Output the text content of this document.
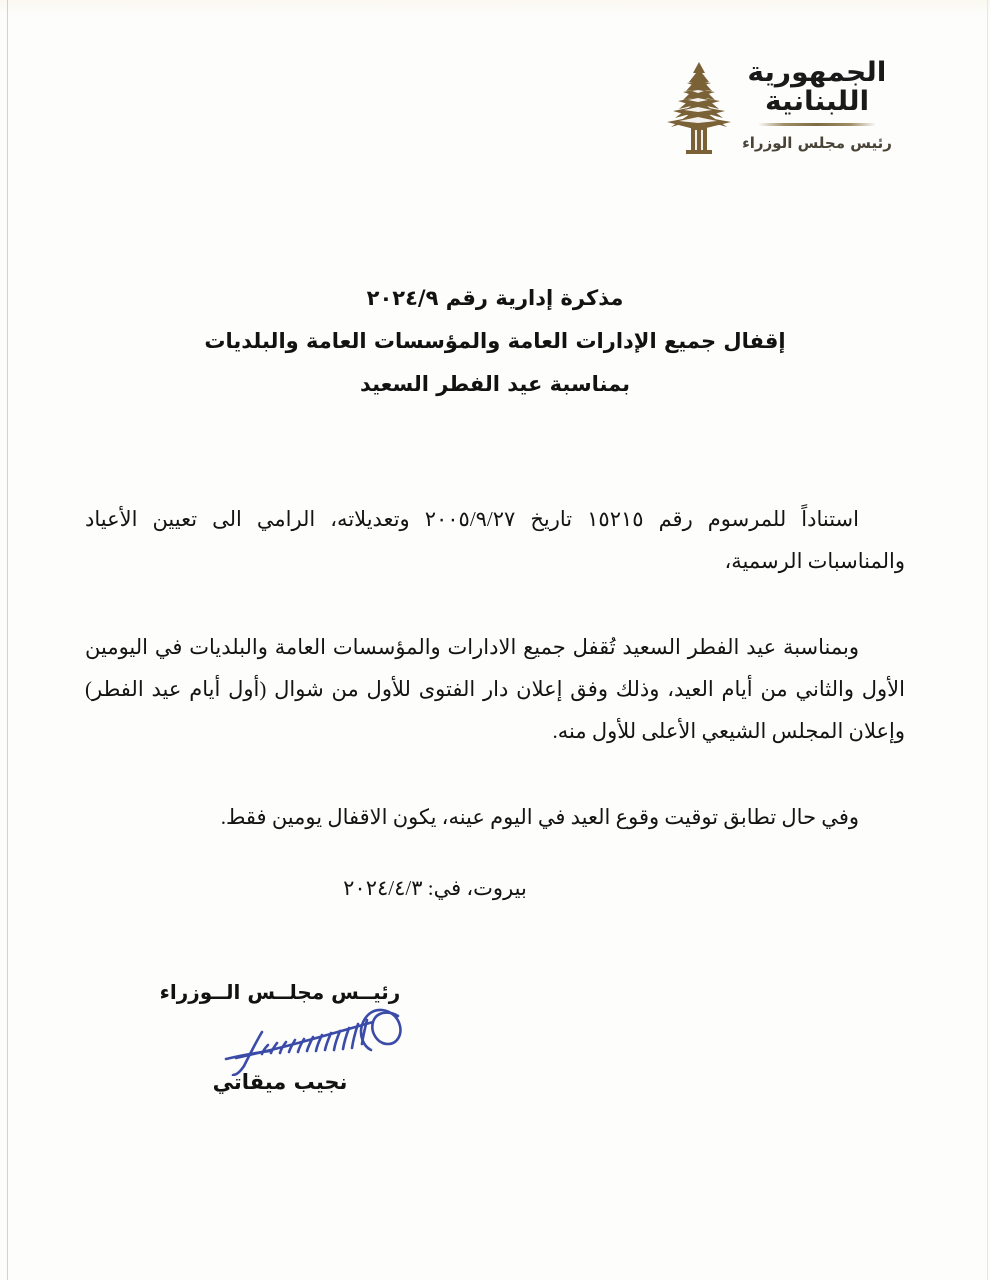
الجمهورية
اللبنانية
رئيس مجلس الوزراء
مذكرة إدارية رقم ٢٠٢٤/٩
إقفال جميع الإدارات العامة والمؤسسات العامة والبلديات
بمناسبة عيد الفطر السعيد

استناداً للمرسوم رقم ١٥٢١٥ تاريخ ٢٠٠٥/٩/٢٧ وتعديلاته، الرامي الى تعيين الأعياد والمناسبات الرسمية،

وبمناسبة عيد الفطر السعيد تُقفل جميع الادارات والمؤسسات العامة والبلديات في اليومين الأول والثاني من أيام العيد، وذلك وفق إعلان دار الفتوى للأول من شوال (أول أيام عيد الفطر) وإعلان المجلس الشيعي الأعلى للأول منه.

وفي حال تطابق توقيت وقوع العيد في اليوم عينه، يكون الاقفال يومين فقط.

بيروت، في: ٢٠٢٤/٤/٣
رئيــس مجلــس الــوزراء
نجيب ميقاتي
